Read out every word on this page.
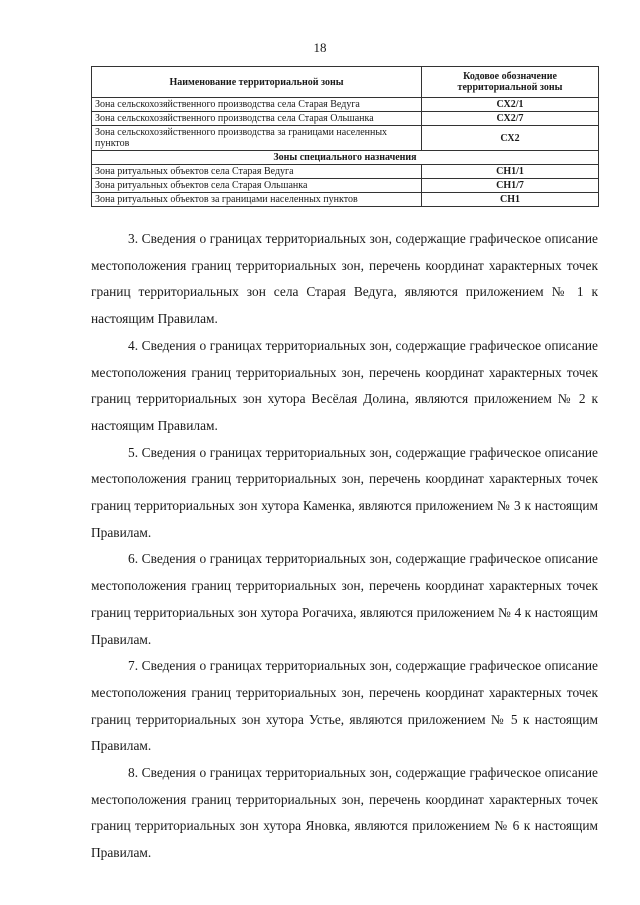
18
Наименование территориальной зоны	Кодовое обозначение территориальной зоны
Зона сельскохозяйственного производства села Старая Ведуга	СХ2/1
Зона сельскохозяйственного производства села Старая Ольшанка	СХ2/7
Зона сельскохозяйственного производства за границами населенных пунктов	СХ2
Зоны специального назначения	
Зона ритуальных объектов села Старая Ведуга	СН1/1
Зона ритуальных объектов села Старая Ольшанка	СН1/7
Зона ритуальных объектов за границами населенных пунктов	СН1

3. Сведения о границах территориальных зон, содержащие графическое описание местоположения границ территориальных зон, перечень координат характерных точек границ территориальных зон села Старая Ведуга, являются приложением № 1 к настоящим Правилам.

4. Сведения о границах территориальных зон, содержащие графическое описание местоположения границ территориальных зон, перечень координат характерных точек границ территориальных зон хутора Весёлая Долина, являются приложением № 2 к настоящим Правилам.

5. Сведения о границах территориальных зон, содержащие графическое описание местоположения границ территориальных зон, перечень координат характерных точек границ территориальных зон хутора Каменка, являются приложением № 3 к настоящим Правилам.

6. Сведения о границах территориальных зон, содержащие графическое описание местоположения границ территориальных зон, перечень координат характерных точек границ территориальных зон хутора Рогачиха, являются приложением № 4 к настоящим Правилам.

7. Сведения о границах территориальных зон, содержащие графическое описание местоположения границ территориальных зон, перечень координат характерных точек границ территориальных зон хутора Устье, являются приложением № 5 к настоящим Правилам.

8. Сведения о границах территориальных зон, содержащие графическое описание местоположения границ территориальных зон, перечень координат характерных точек границ территориальных зон хутора Яновка, являются приложением № 6 к настоящим Правилам.
